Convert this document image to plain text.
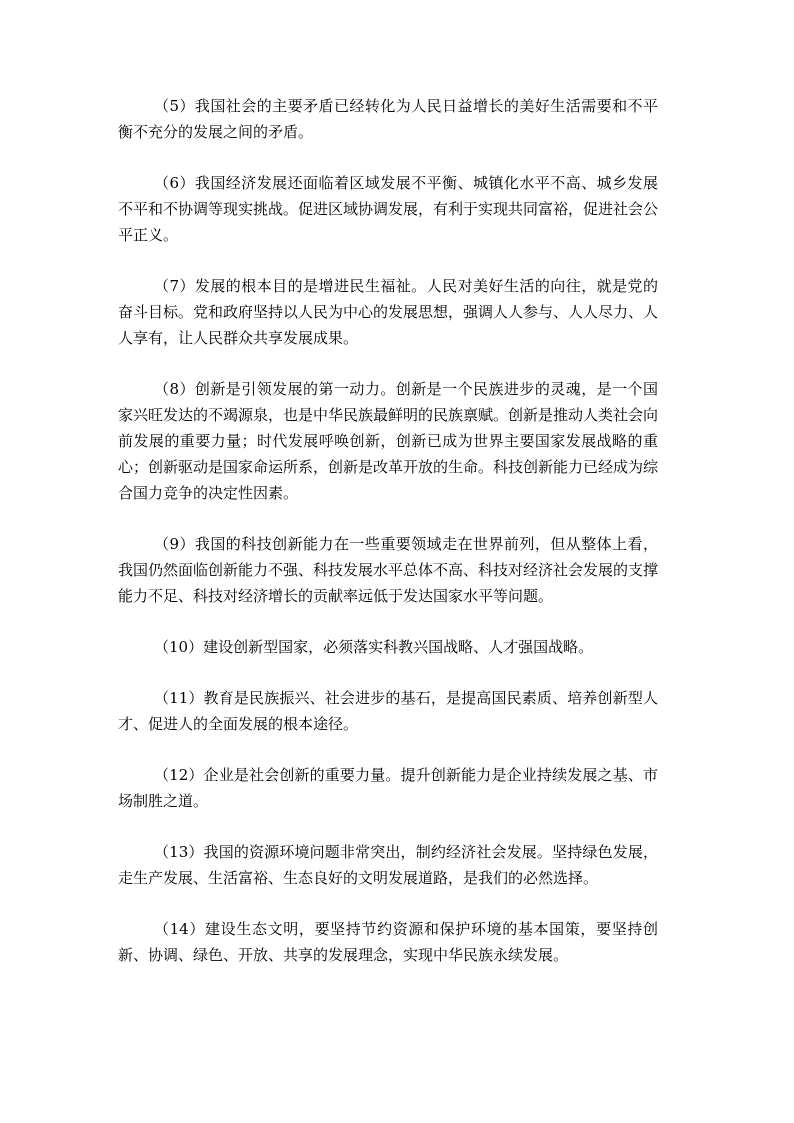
（5）我国社会的主要矛盾已经转化为人民日益增长的美好生活需要和不平衡不充分的发展之间的矛盾。

（6）我国经济发展还面临着区域发展不平衡、城镇化水平不高、城乡发展不平和不协调等现实挑战。促进区域协调发展，有利于实现共同富裕，促进社会公平正义。

（7）发展的根本目的是增进民生福祉。人民对美好生活的向往，就是党的奋斗目标。党和政府坚持以人民为中心的发展思想，强调人人参与、人人尽力、人人享有，让人民群众共享发展成果。

（8）创新是引领发展的第一动力。创新是一个民族进步的灵魂，是一个国家兴旺发达的不竭源泉，也是中华民族最鲜明的民族禀赋。创新是推动人类社会向前发展的重要力量；时代发展呼唤创新，创新已成为世界主要国家发展战略的重心；创新驱动是国家命运所系，创新是改革开放的生命。科技创新能力已经成为综合国力竞争的决定性因素。

（9）我国的科技创新能力在一些重要领域走在世界前列，但从整体上看，我国仍然面临创新能力不强、科技发展水平总体不高、科技对经济社会发展的支撑能力不足、科技对经济增长的贡献率远低于发达国家水平等问题。

（10）建设创新型国家，必须落实科教兴国战略、人才强国战略。

（11）教育是民族振兴、社会进步的基石，是提高国民素质、培养创新型人才、促进人的全面发展的根本途径。

（12）企业是社会创新的重要力量。提升创新能力是企业持续发展之基、市场制胜之道。

（13）我国的资源环境问题非常突出，制约经济社会发展。坚持绿色发展，走生产发展、生活富裕、生态良好的文明发展道路，是我们的必然选择。

（14）建设生态文明，要坚持节约资源和保护环境的基本国策，要坚持创新、协调、绿色、开放、共享的发展理念，实现中华民族永续发展。
